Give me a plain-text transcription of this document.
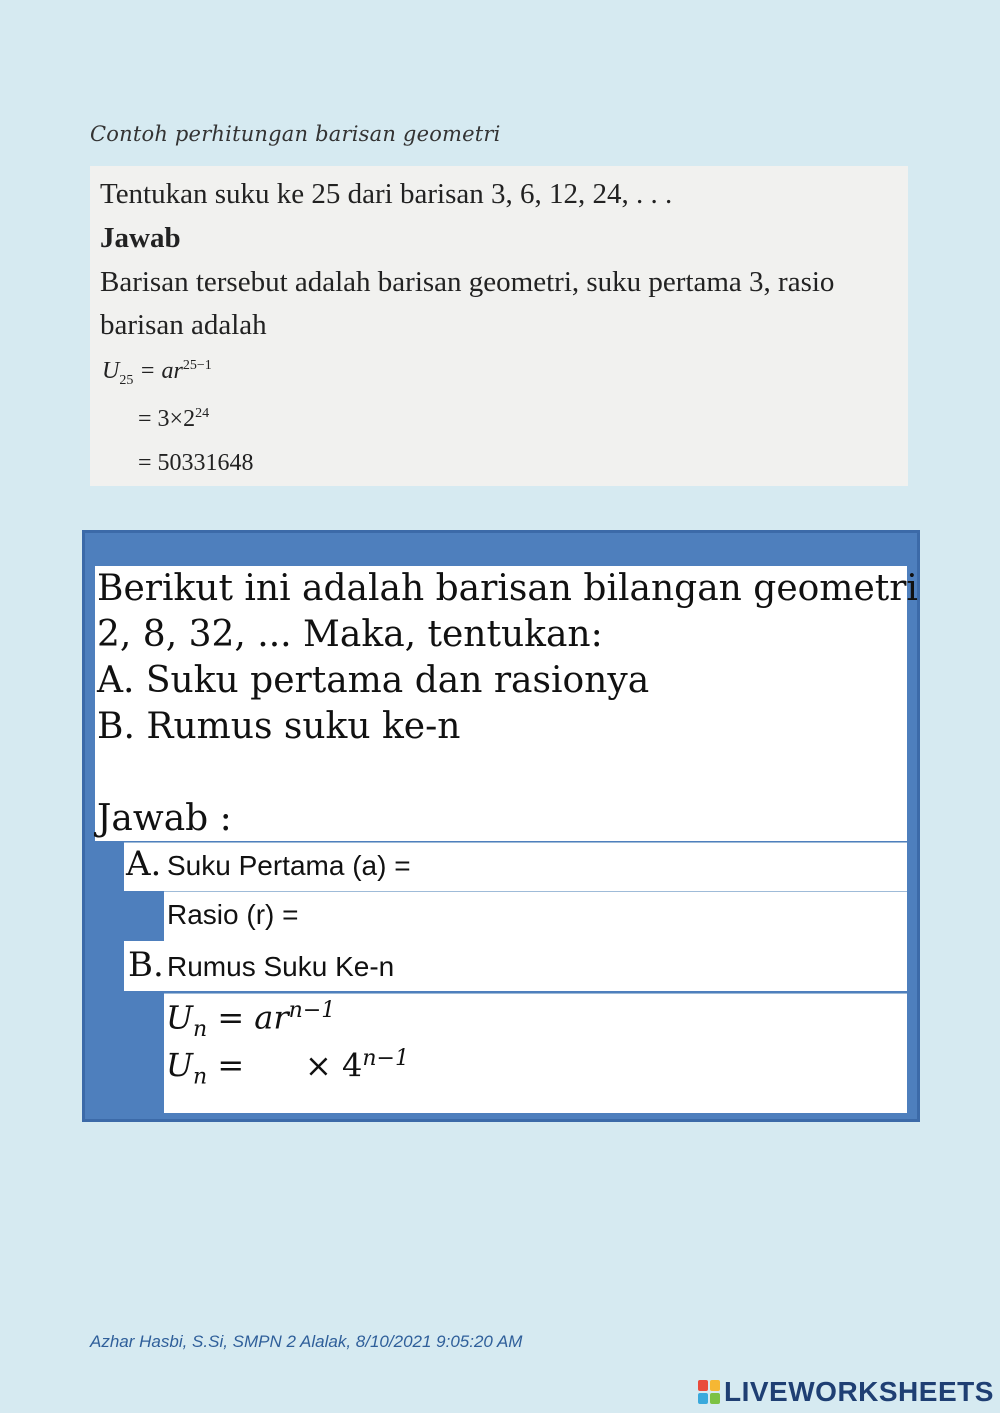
Contoh perhitungan barisan geometri
Tentukan suku ke 25 dari barisan 3, 6, 12, 24, . . .
Jawab
Barisan tersebut adalah barisan geometri, suku pertama 3, rasio
barisan adalah
$U_{25} = ar^{25-1}$
= $3\times 2^{24}$
= 50331648
Berikut ini adalah barisan bilangan geometri
2, 8, 32, ... Maka, tentukan:
A. Suku pertama dan rasionya
B. Rumus suku ke-n
Jawab :
A. Suku Pertama (a) =
Rasio (r) =
B. Rumus Suku Ke-n
$U_n = ar^{n-1}$
$U_n$ = × $4^{n-1}$
Azhar Hasbi, S.Si, SMPN 2 Alalak, 8/10/2021 9:05:20 AM
LIVEWORKSHEETS
